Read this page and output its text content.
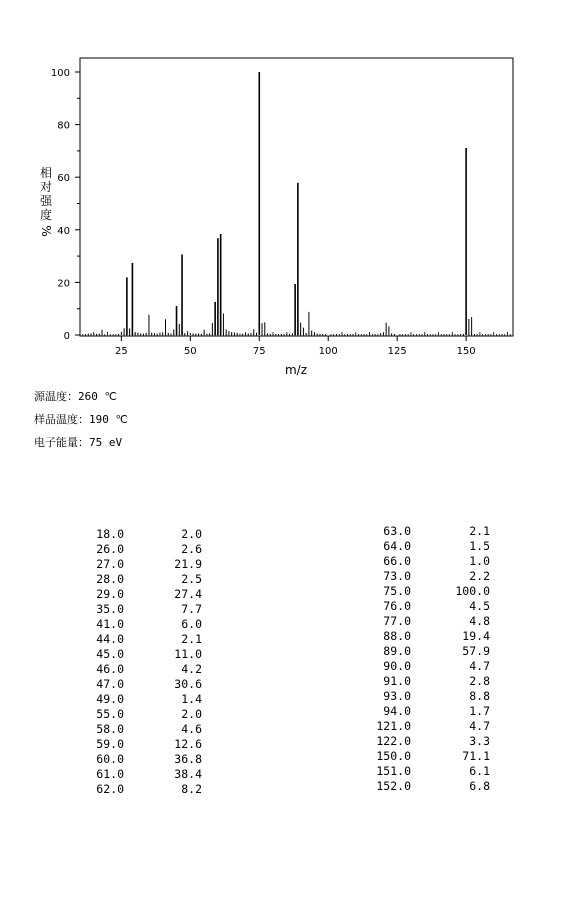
0
20
40
60
80
100
25	50	75	100	125	150
m/z
相
对
强
度
%
源温度：260 ℃
样品温度：190 ℃
电子能量：75 eV
18.0	2.0
26.0	2.6
27.0	21.9
28.0	2.5
29.0	27.4
35.0	7.7
41.0	6.0
44.0	2.1
45.0	11.0
46.0	4.2
47.0	30.6
49.0	1.4
55.0	2.0
58.0	4.6
59.0	12.6
60.0	36.8
61.0	38.4
62.0	8.2
63.0	2.1
64.0	1.5
66.0	1.0
73.0	2.2
75.0	100.0
76.0	4.5
77.0	4.8
88.0	19.4
89.0	57.9
90.0	4.7
91.0	2.8
93.0	8.8
94.0	1.7
121.0	4.7
122.0	3.3
150.0	71.1
151.0	6.1
152.0	6.8
